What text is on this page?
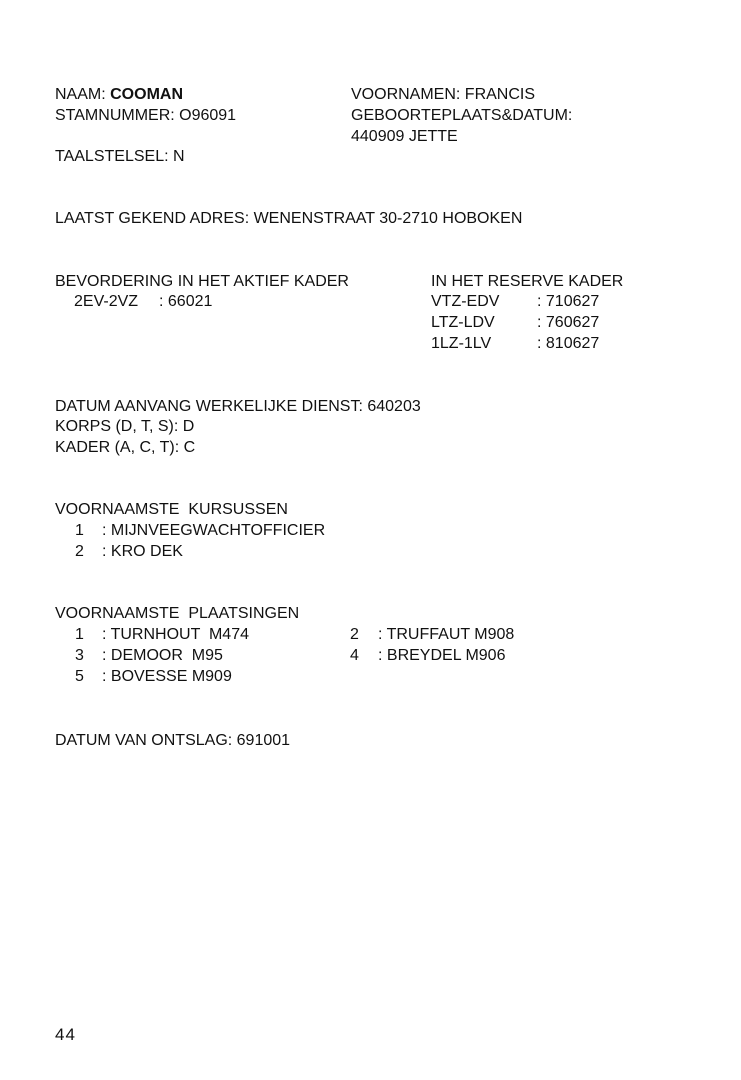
NAAM: COOMAN
STAMNUMMER: O96091
TAALSTELSEL: N
VOORNAMEN: FRANCIS
GEBOORTEPLAATS&DATUM:
440909 JETTE
LAATST GEKEND ADRES: WENENSTRAAT 30-2710 HOBOKEN
BEVORDERING IN HET AKTIEF KADER
2EV-2VZ : 66021
IN HET RESERVE KADER
VTZ-EDV : 710627
LTZ-LDV	: 760627
1LZ-1LV	: 810627
DATUM AANVANG WERKELIJKE DIENST: 640203
KORPS (D, T, S): D
KADER (A, C, T): C
VOORNAAMSTE  KURSUSSEN
1 : MIJNVEEGWACHTOFFICIER
2 : KRO DEK
VOORNAAMSTE  PLAATSINGEN
1 : TURNHOUT  M474	2 : TRUFFAUT M908
3 : DEMOOR  M95	4 : BREYDEL M906
5 : BOVESSE M909
DATUM VAN ONTSLAG: 691001
44
